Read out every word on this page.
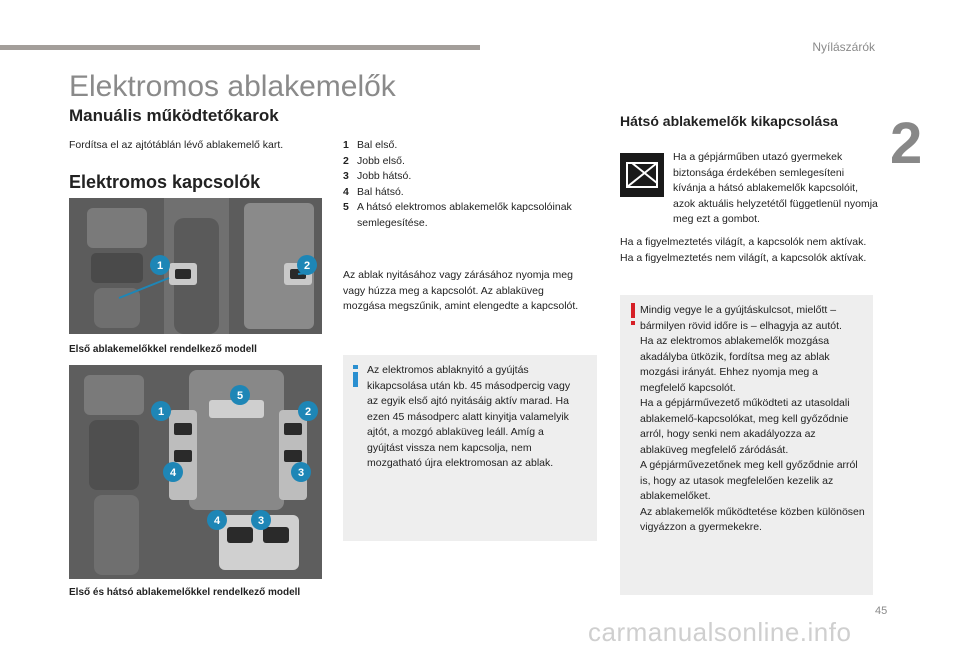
Nyílászárók
2
Elektromos ablakemelők
Manuális működtetőkarok
Fordítsa el az ajtótáblán lévő ablakemelő kart.
Elektromos kapcsolók
1	2
Első ablakemelőkkel rendelkező modell
5
1	2
4	3
4	3
Első és hátsó ablakemelőkkel rendelkező modell
1 Bal első.
2 Jobb első.
3 Jobb hátsó.
4 Bal hátsó.
5 A hátsó elektromos ablakemelők kapcsolóinak semlegesítése.
Az ablak nyitásához vagy zárásához nyomja meg vagy húzza meg a kapcsolót. Az ablaküveg mozgása megszűnik, amint elengedte a kapcsolót.
Az elektromos ablaknyitó a gyújtás kikapcsolása után kb. 45 másodpercig vagy az egyik első ajtó nyitásáig aktív marad. Ha ezen 45 másodperc alatt kinyitja valamelyik ajtót, a mozgó ablaküveg leáll. Amíg a gyújtást vissza nem kapcsolja, nem mozgatható újra elektromosan az ablak.
Hátsó ablakemelők kikapcsolása
Ha a gépjárműben utazó gyermekek biztonsága érdekében semlegesíteni kívánja a hátsó ablakemelők kapcsolóit, azok aktuális helyzetétől függetlenül nyomja meg ezt a gombot.
Ha a figyelmeztetés világít, a kapcsolók nem aktívak. Ha a figyelmeztetés nem világít, a kapcsolók aktívak.
Mindig vegye le a gyújtáskulcsot, mielőtt – bármilyen rövid időre is – elhagyja az autót.
Ha az elektromos ablakemelők mozgása akadályba ütközik, fordítsa meg az ablak mozgási irányát. Ehhez nyomja meg a megfelelő kapcsolót.
Ha a gépjárművezető működteti az utasoldali ablakemelő-kapcsolókat, meg kell győződnie arról, hogy senki nem akadályozza az ablaküveg megfelelő záródását.
A gépjárművezetőnek meg kell győződnie arról is, hogy az utasok megfelelően kezelik az ablakemelőket.
Az ablakemelők működtetése közben különösen vigyázzon a gyermekekre.
45
carmanualsonline.info
